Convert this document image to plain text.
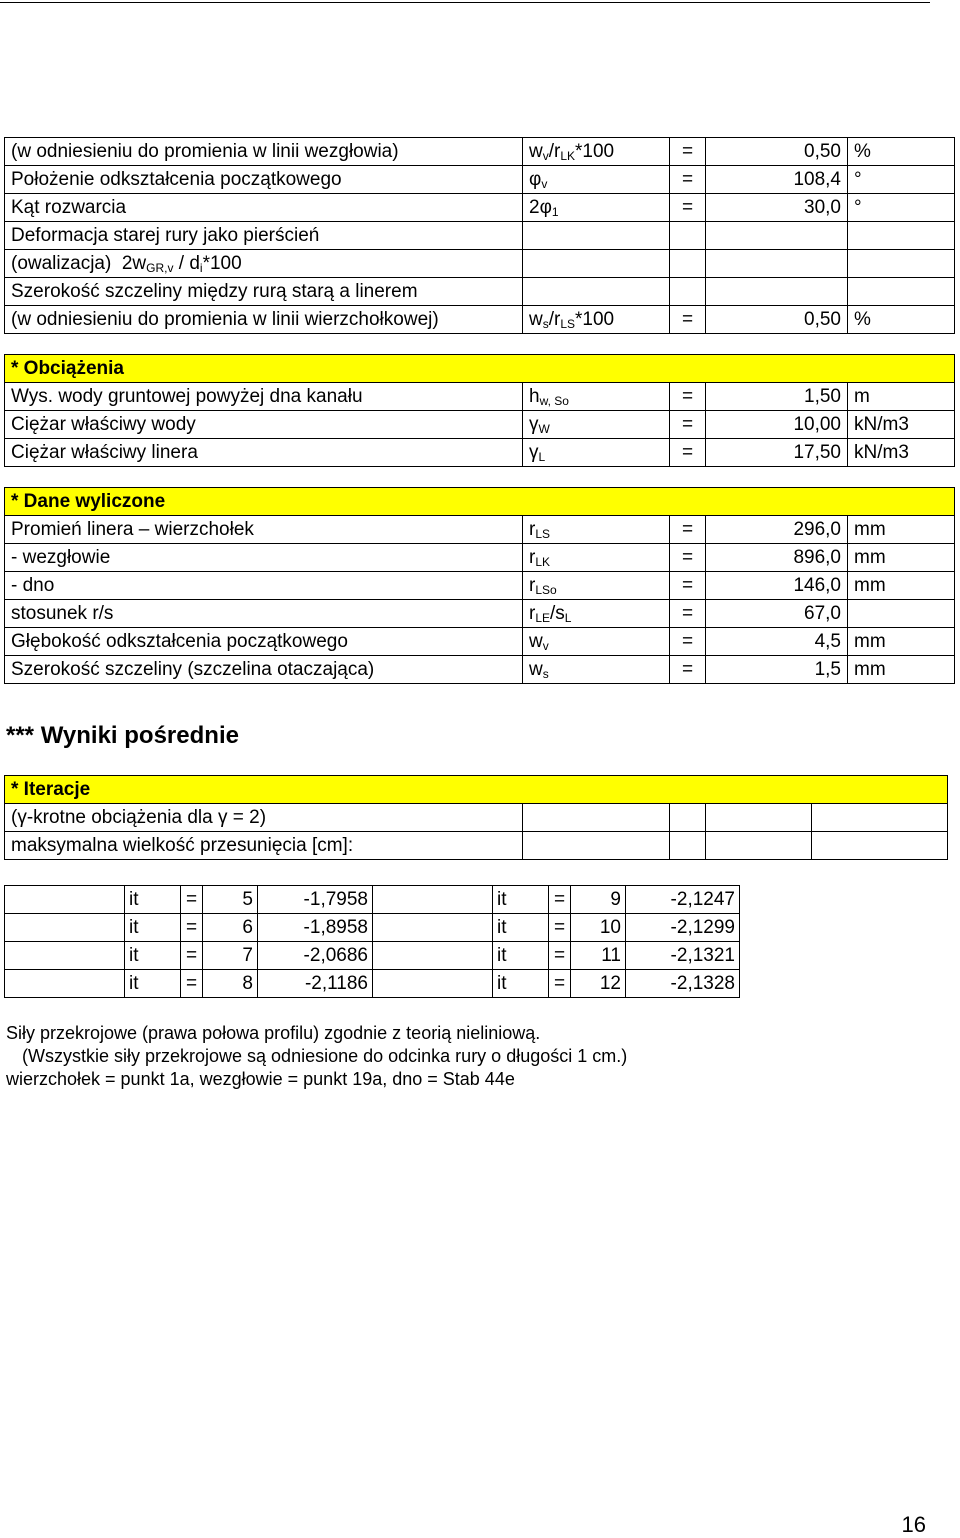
(w odniesieniu do promienia w linii wezgłowia)	$w_v/r_{LK}*100$	=	0,50	%
Położenie odkształcenia początkowego	$\varphi_v$	=	108,4	°
Kąt rozwarcia	$2\varphi_1$	=	30,0	°
Deformacja starej rury jako pierścień				
(owalizacja)  $2w_{GR,v} / d_i*100$				
Szerokość szczeliny między rurą starą a linerem				
(w odniesieniu do promienia w linii wierzchołkowej)	$w_s/r_{LS}*100$	=	0,50	%

* Obciążenia				
Wys. wody gruntowej powyżej dna kanału	$h_{w, So}$	=	1,50	m
Ciężar właściwy wody	$\gamma_W$	=	10,00	kN/m3
Ciężar właściwy linera	$\gamma_L$	=	17,50	kN/m3

* Dane wyliczone				
Promień linera – wierzchołek	$r_{LS}$	=	296,0	mm
- wezgłowie	$r_{LK}$	=	896,0	mm
- dno	$r_{LSo}$	=	146,0	mm
stosunek r/s	$r_{LE}/s_L$	=	67,0	
Głębokość odkształcenia początkowego	$w_v$	=	4,5	mm
Szerokość szczeliny (szczelina otaczająca)	$w_s$	=	1,5	mm
*** Wyniki pośrednie
* Iteracje				
(γ-krotne obciążenia dla γ = 2)				
maksymalna wielkość przesunięcia [cm]:				
	it	=	5	-1,7958		it	=	9	-2,1247
	it	=	6	-1,8958		it	=	10	-2,1299
	it	=	7	-2,0686		it	=	11	-2,1321
	it	=	8	-2,1186		it	=	12	-2,1328
Siły przekrojowe (prawa połowa profilu) zgodnie z teorią nieliniową.
(Wszystkie siły przekrojowe są odniesione do odcinka rury o długości 1 cm.)
wierzchołek = punkt 1a, wezgłowie = punkt 19a, dno = Stab 44e
16
